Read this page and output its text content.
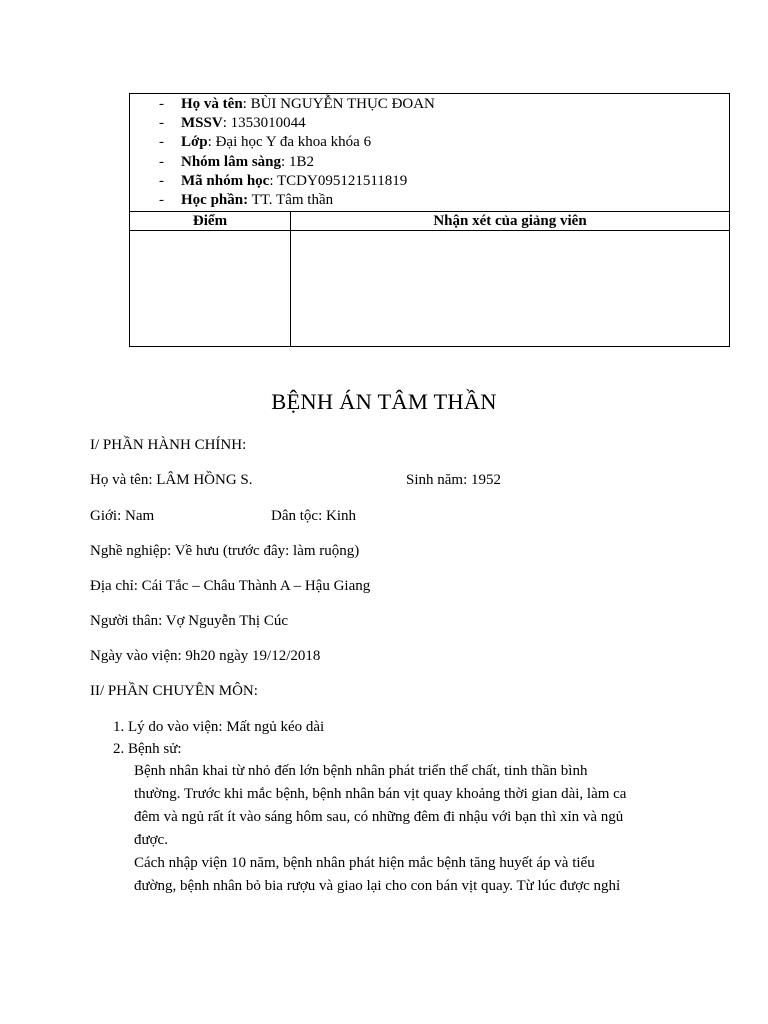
- Họ và tên: BÙI NGUYỄN THỤC ĐOAN
- MSSV: 1353010044
- Lớp: Đại học Y đa khoa khóa 6
- Nhóm lâm sàng: 1B2
- Mã nhóm học: TCDY095121511819
- Học phần: TT. Tâm thần
Điểm	Nhận xét của giảng viên
BỆNH ÁN TÂM THẦN
I/ PHẦN HÀNH CHÍNH:
Họ và tên: LÂM HỒNG S.	Sinh năm: 1952
Giới: Nam	Dân tộc: Kinh
Nghề nghiệp: Về hưu (trước đây: làm ruộng)
Địa chỉ: Cái Tắc – Châu Thành A – Hậu Giang
Người thân: Vợ Nguyễn Thị Cúc
Ngày vào viện: 9h20 ngày 19/12/2018
II/ PHẦN CHUYÊN MÔN:
1. Lý do vào viện: Mất ngủ kéo dài
2. Bệnh sử:
Bệnh nhân khai từ nhỏ đến lớn bệnh nhân phát triển thể chất, tinh thần bình
thường. Trước khi mắc bệnh, bệnh nhân bán vịt quay khoảng thời gian dài, làm ca
đêm và ngủ rất ít vào sáng hôm sau, có những đêm đi nhậu với bạn thì xỉn và ngủ
được.
Cách nhập viện 10 năm, bệnh nhân phát hiện mắc bệnh tăng huyết áp và tiểu
đường, bệnh nhân bỏ bia rượu và giao lại cho con bán vịt quay. Từ lúc được nghỉ
